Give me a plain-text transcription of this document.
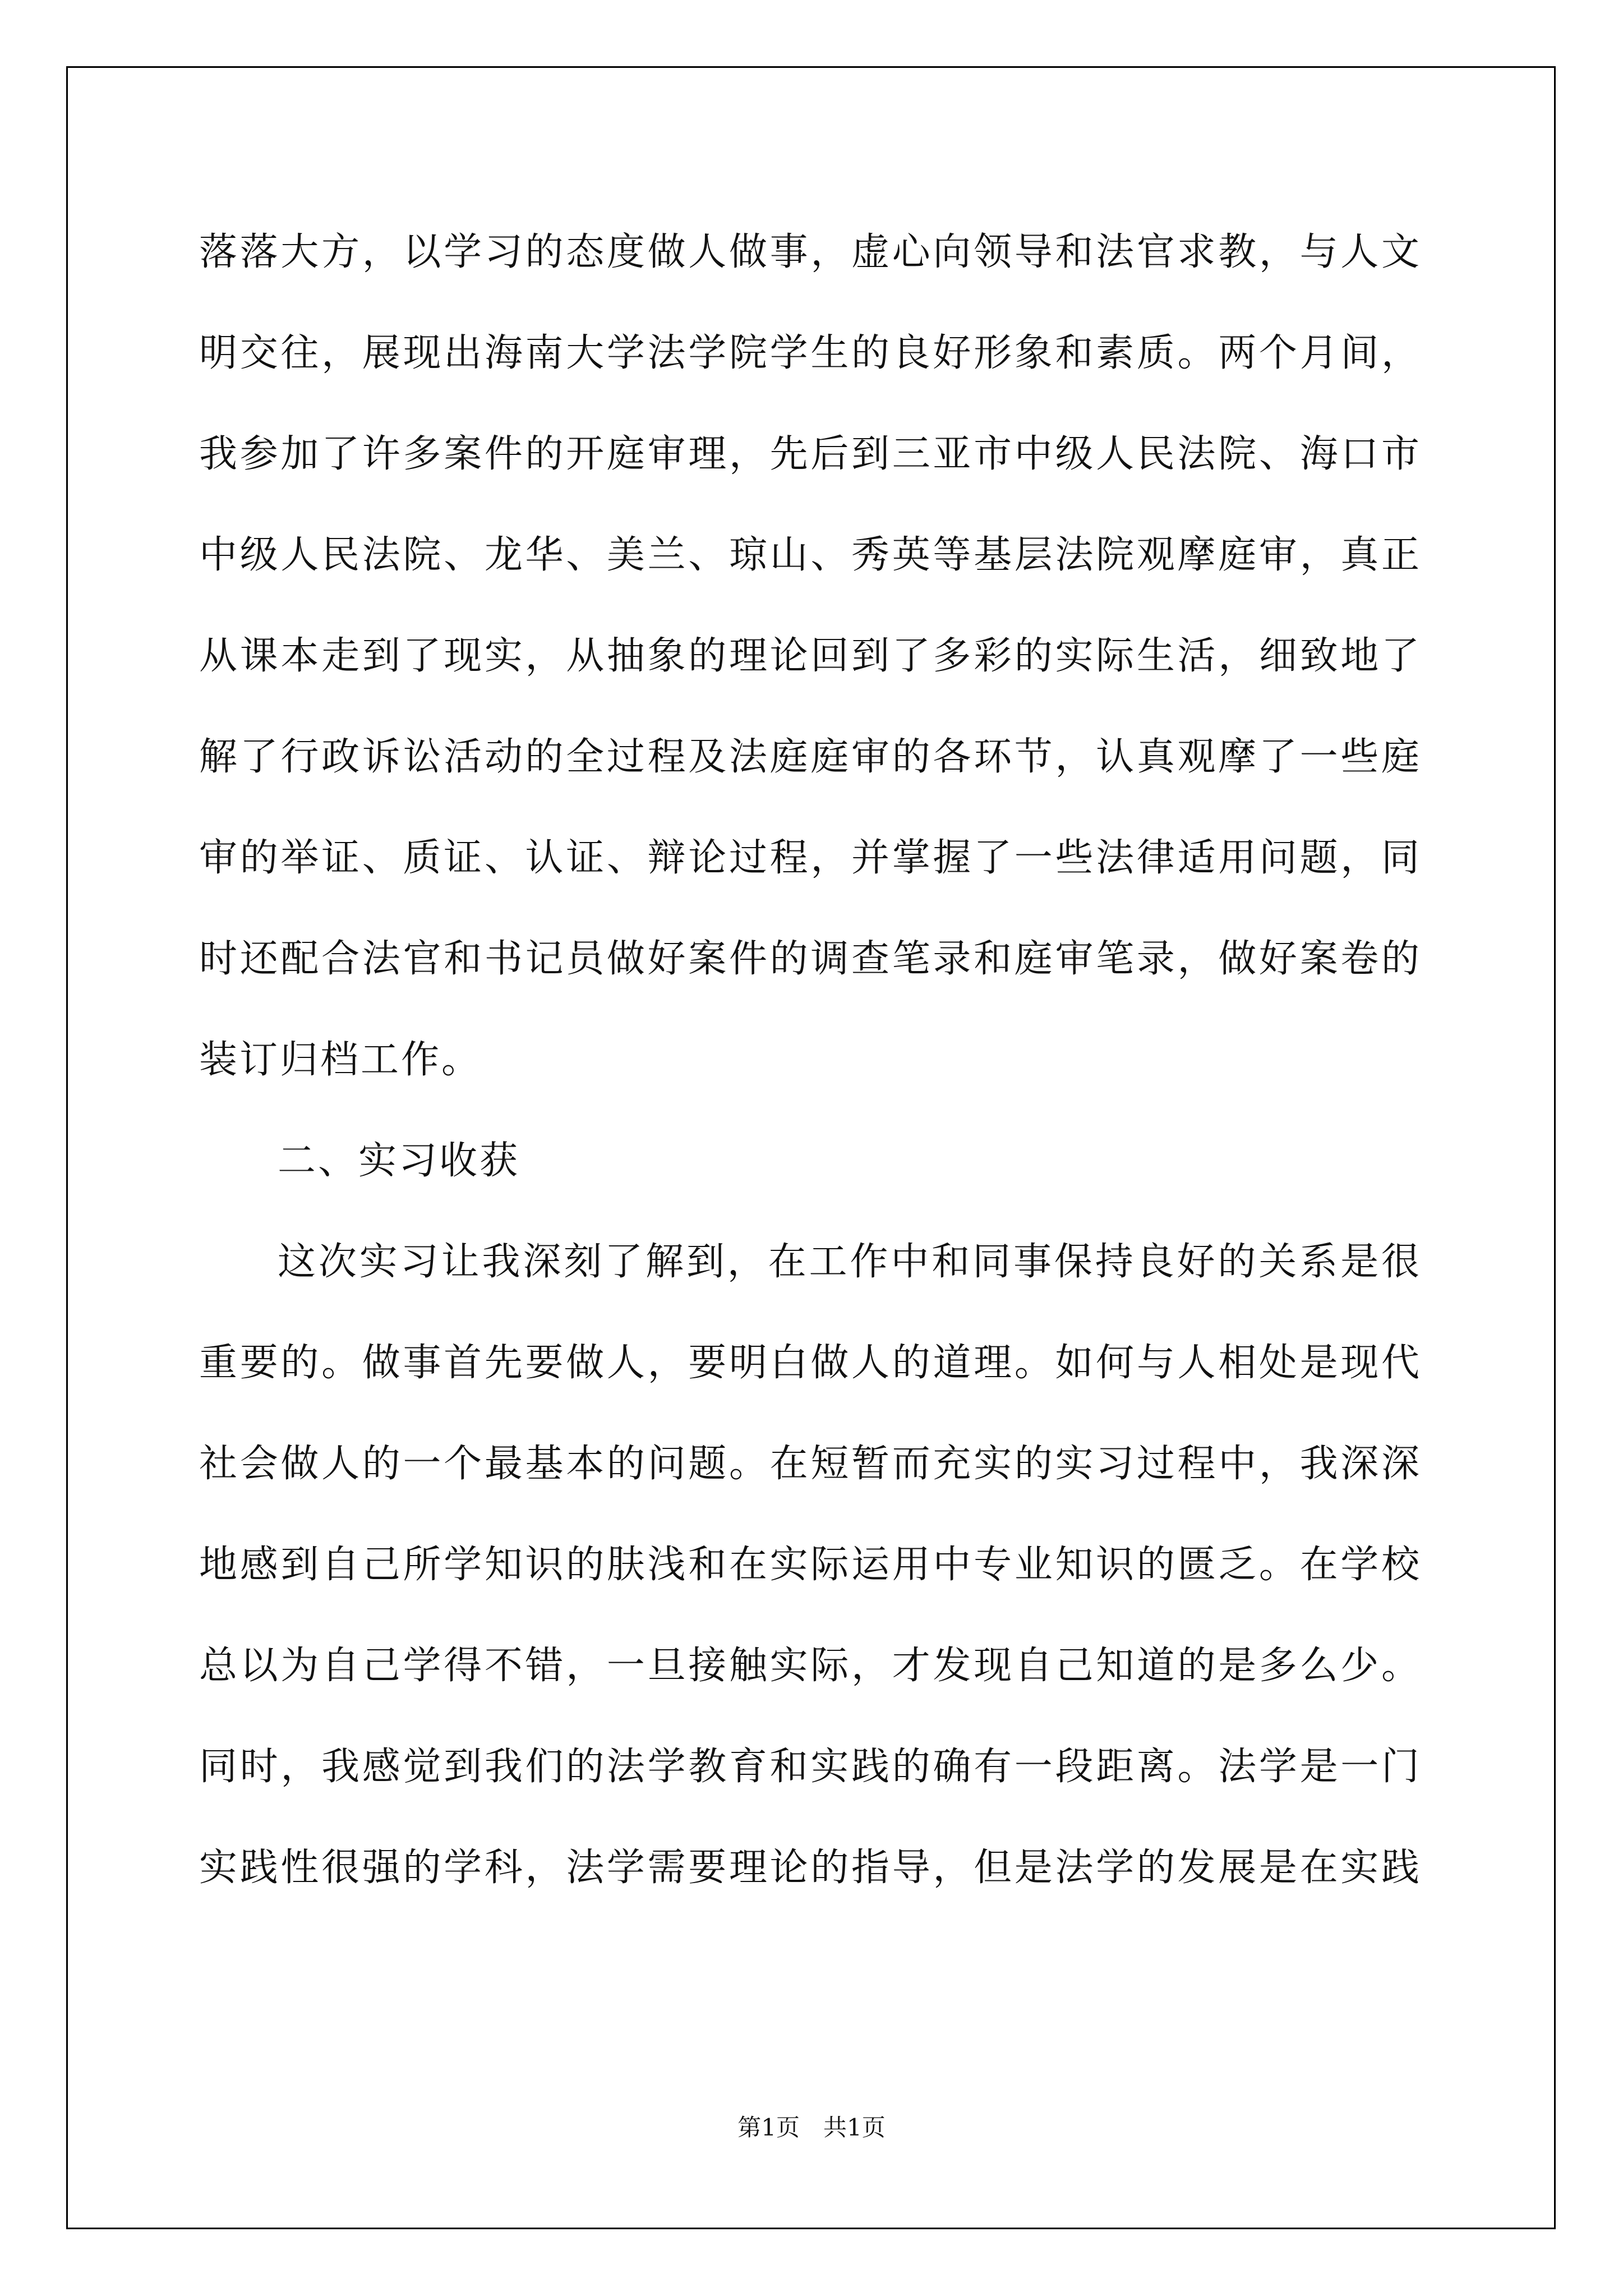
落落大方，以学习的态度做人做事，虚心向领导和法官求教，与人文
明交往，展现出海南大学法学院学生的良好形象和素质。两个月间，
我参加了许多案件的开庭审理，先后到三亚市中级人民法院、海口市
中级人民法院、龙华、美兰、琼山、秀英等基层法院观摩庭审，真正
从课本走到了现实，从抽象的理论回到了多彩的实际生活，细致地了
解了行政诉讼活动的全过程及法庭庭审的各环节，认真观摩了一些庭
审的举证、质证、认证、辩论过程，并掌握了一些法律适用问题，同
时还配合法官和书记员做好案件的调查笔录和庭审笔录，做好案卷的
装订归档工作。
二、实习收获
这次实习让我深刻了解到，在工作中和同事保持良好的关系是很
重要的。做事首先要做人，要明白做人的道理。如何与人相处是现代
社会做人的一个最基本的问题。在短暂而充实的实习过程中，我深深
地感到自己所学知识的肤浅和在实际运用中专业知识的匮乏。在学校
总以为自己学得不错，一旦接触实际，才发现自己知道的是多么少。
同时，我感觉到我们的法学教育和实践的确有一段距离。法学是一门
实践性很强的学科，法学需要理论的指导，但是法学的发展是在实践
第1页　共1页
